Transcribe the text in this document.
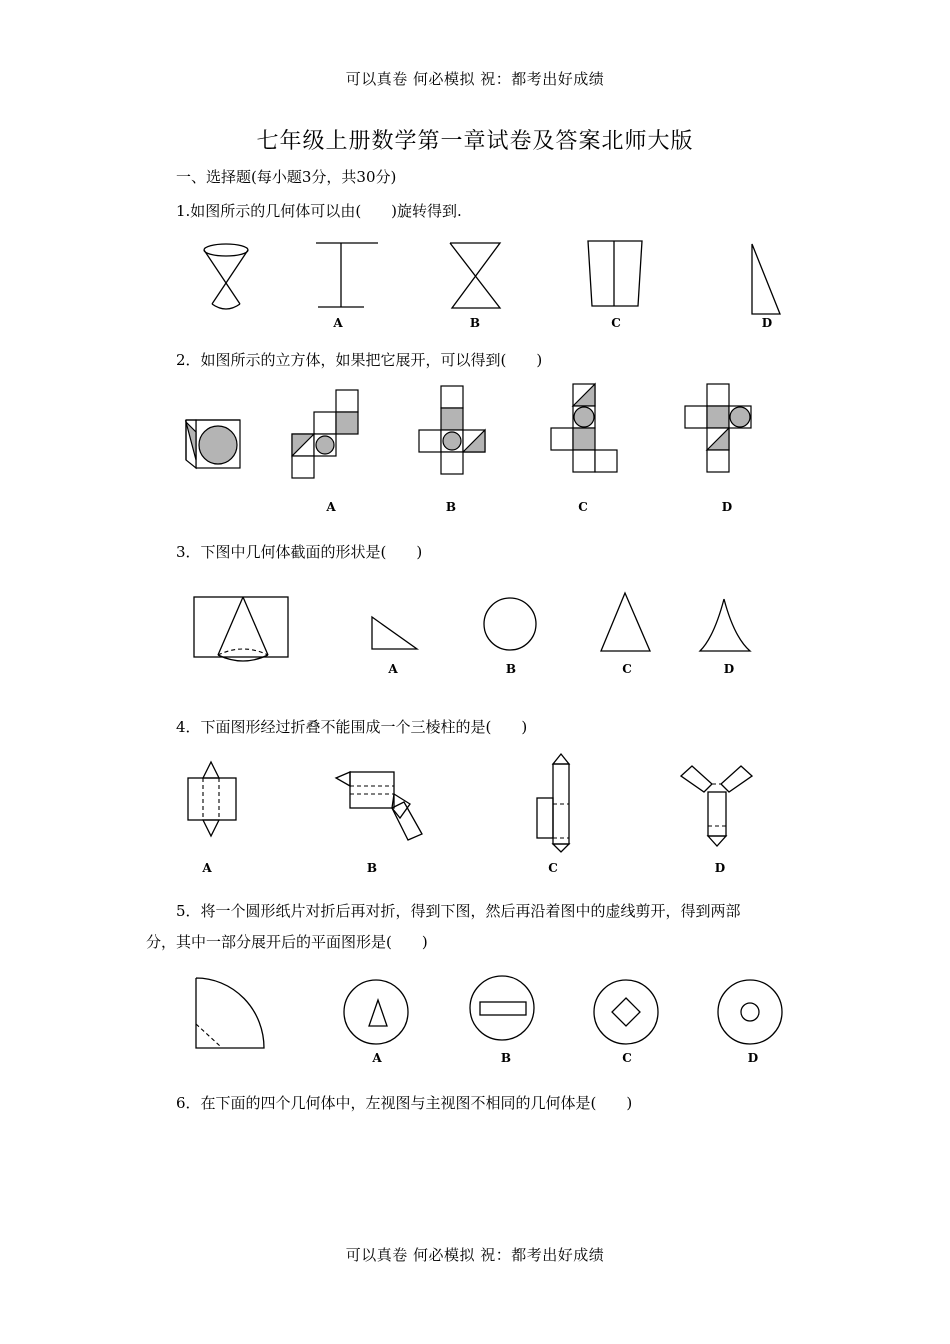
可以真卷 何必模拟 祝：都考出好成绩
七年级上册数学第一章试卷及答案北师大版
一、选择题(每小题3分，共30分)
1.如图所示的几何体可以由(　　)旋转得到.
A	B	C	D
2．如图所示的立方体，如果把它展开，可以得到(　　)
A	B	C	D
3．下图中几何体截面的形状是(　　)
A	B	C	D
4．下面图形经过折叠不能围成一个三棱柱的是(　　)
A	B	C	D
5．将一个圆形纸片对折后再对折，得到下图，然后再沿着图中的虚线剪开，得到两部
分，其中一部分展开后的平面图形是(　　)
A	B	C	D
6．在下面的四个几何体中，左视图与主视图不相同的几何体是(　　)
可以真卷 何必模拟 祝：都考出好成绩
